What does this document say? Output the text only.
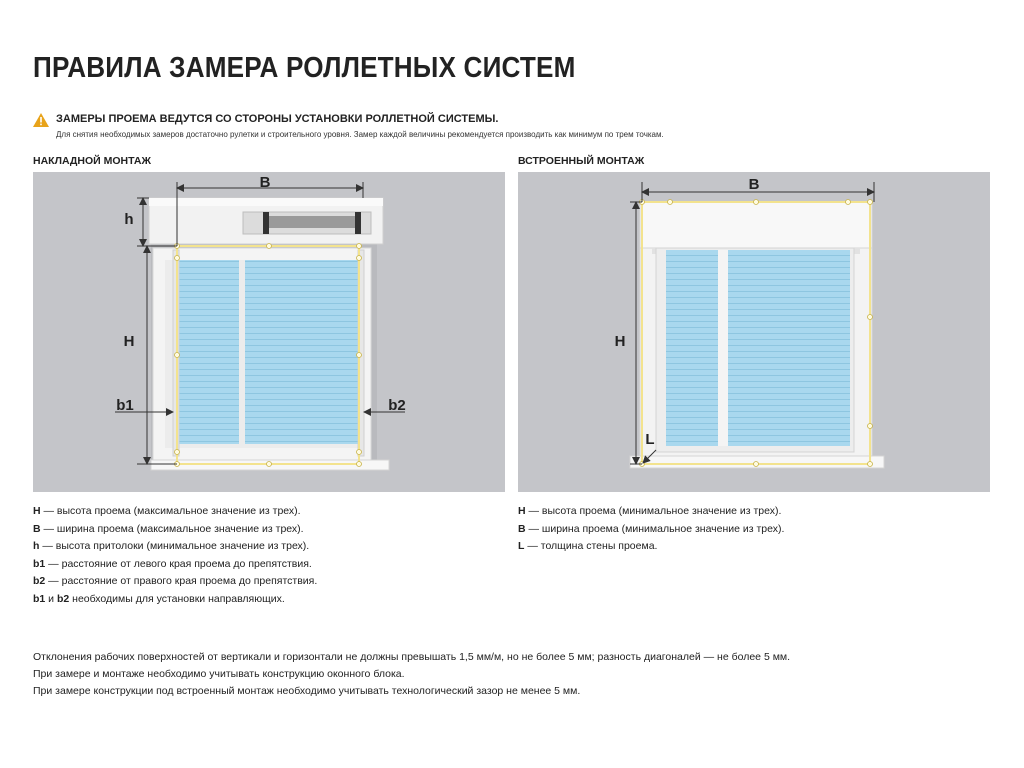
ПРАВИЛА ЗАМЕРА РОЛЛЕТНЫХ СИСТЕМ
ЗАМЕРЫ ПРОЕМА ВЕДУТСЯ СО СТОРОНЫ УСТАНОВКИ РОЛЛЕТНОЙ СИСТЕМЫ.
Для снятия необходимых замеров достаточно рулетки и строительного уровня. Замер каждой величины рекомендуется производить как минимум по трем точкам.
НАКЛАДНОЙ МОНТАЖ	ВСТРОЕННЫЙ МОНТАЖ
B
h
H
b1	b2
B
H
L
H — высота проема (максимальное значение из трех).
B — ширина проема (максимальное значение из трех).
h — высота притолоки (минимальное значение из трех).
b1 — расстояние от левого края проема до препятствия.
b2 — расстояние от правого края проема до препятствия.
b1 и b2 необходимы для установки направляющих.
H — высота проема (минимальное значение из трех).
B — ширина проема (минимальное значение из трех).
L — толщина стены проема.
Отклонения рабочих поверхностей от вертикали и горизонтали не должны превышать 1,5 мм/м, но не более 5 мм; разность диагоналей — не более 5 мм.
При замере и монтаже необходимо учитывать конструкцию оконного блока.
При замере конструкции под встроенный монтаж необходимо учитывать технологический зазор не менее 5 мм.
